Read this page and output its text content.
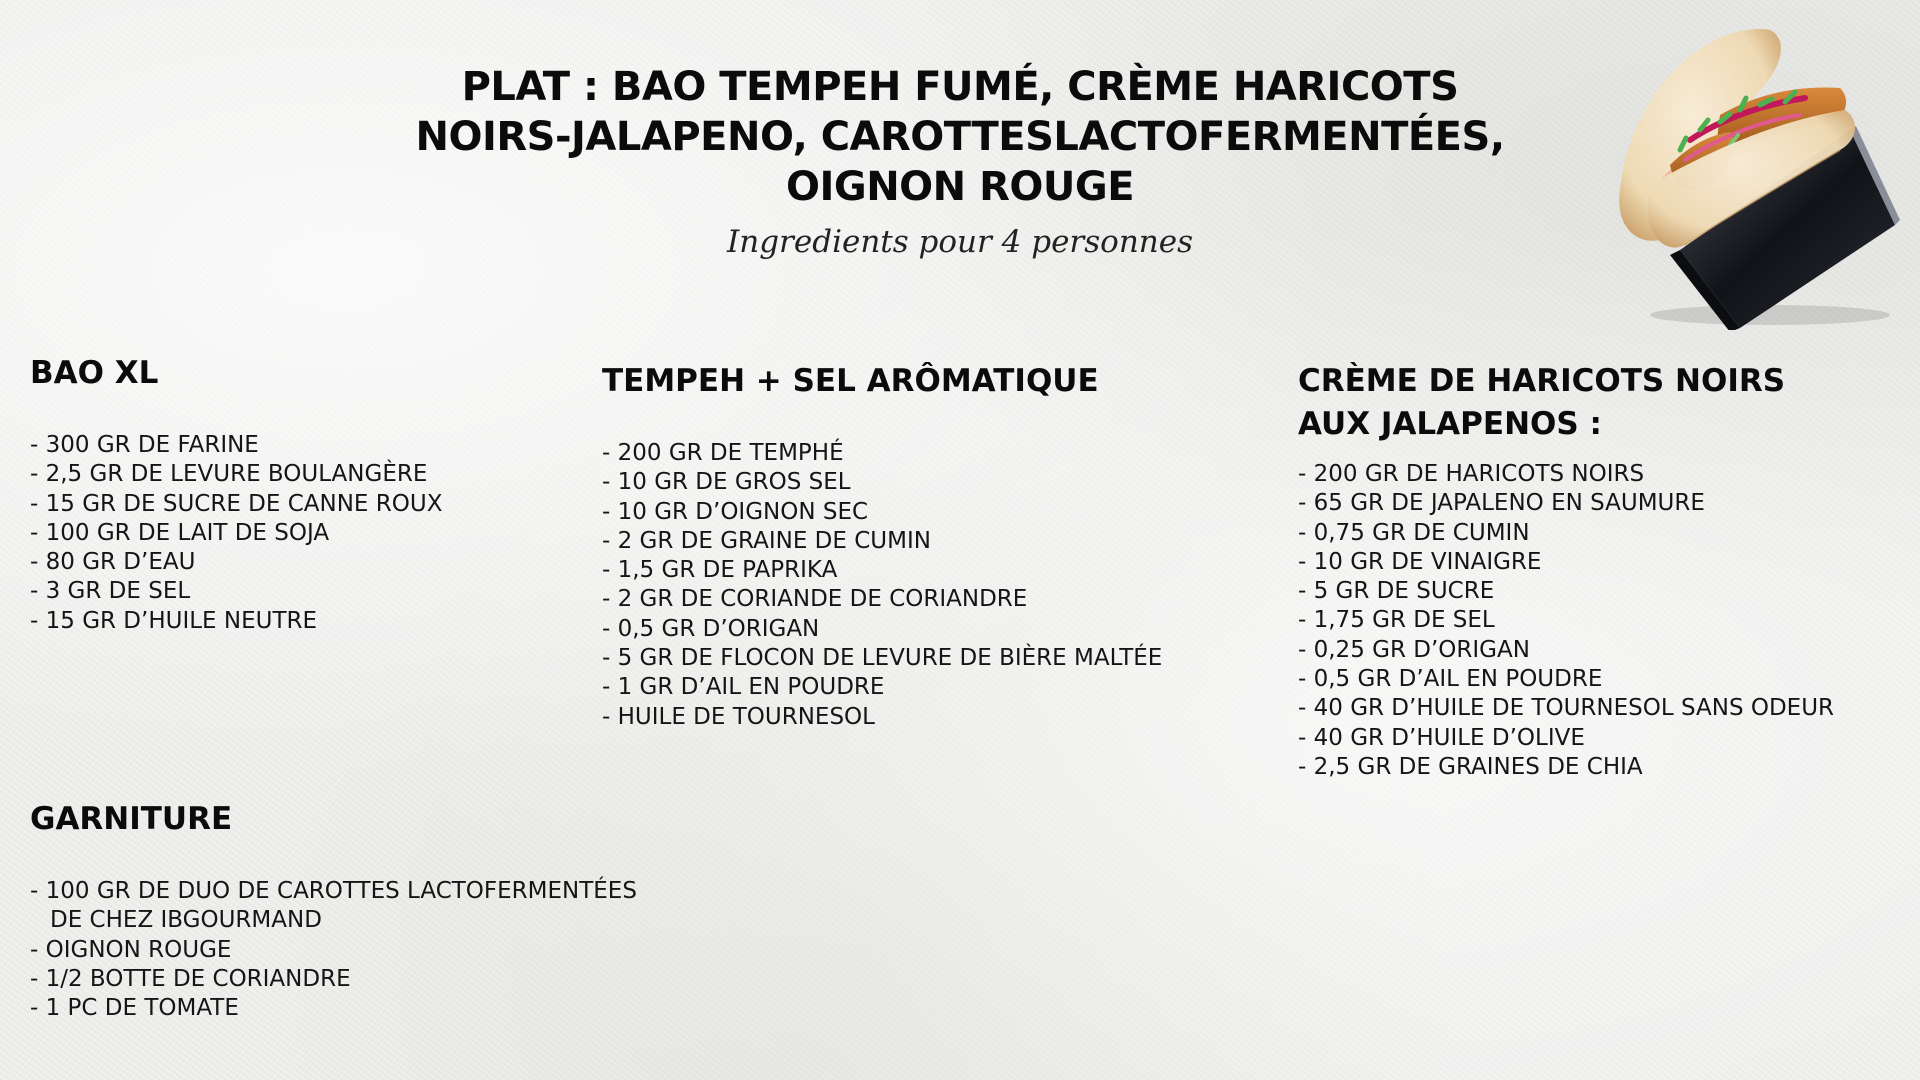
PLAT : BAO TEMPEH FUMÉ, CRÈME HARICOTS
NOIRS-JALAPENO, CAROTTESLACTOFERMENTÉES,
OIGNON ROUGE
Ingredients pour 4 personnes
BAO XL
- 300 GR DE FARINE
- 2,5 GR DE LEVURE BOULANGÈRE
- 15 GR DE SUCRE DE CANNE ROUX
- 100 GR DE LAIT DE SOJA
- 80 GR D’EAU
- 3 GR DE SEL
- 15 GR D’HUILE NEUTRE
TEMPEH + SEL ARÔMATIQUE
- 200 GR DE TEMPHÉ
- 10 GR DE GROS SEL
- 10 GR D’OIGNON SEC
- 2 GR DE GRAINE DE CUMIN
- 1,5 GR DE PAPRIKA
- 2 GR DE CORIANDE DE CORIANDRE
- 0,5 GR D’ORIGAN
- 5 GR DE FLOCON DE LEVURE DE BIÈRE MALTÉE
- 1 GR D’AIL EN POUDRE
- HUILE DE TOURNESOL
CRÈME DE HARICOTS NOIRS
AUX JALAPENOS :
- 200 GR DE HARICOTS NOIRS
- 65 GR DE JAPALENO EN SAUMURE
- 0,75 GR DE CUMIN
- 10 GR DE VINAIGRE
- 5 GR DE SUCRE
- 1,75 GR DE SEL
- 0,25 GR D’ORIGAN
- 0,5 GR D’AIL EN POUDRE
- 40 GR D’HUILE DE TOURNESOL SANS ODEUR
- 40 GR D’HUILE D’OLIVE
- 2,5 GR DE GRAINES DE CHIA
GARNITURE
- 100 GR DE DUO DE CAROTTES LACTOFERMENTÉES
DE CHEZ IBGOURMAND
- OIGNON ROUGE
- 1/2 BOTTE DE CORIANDRE
- 1 PC DE TOMATE
